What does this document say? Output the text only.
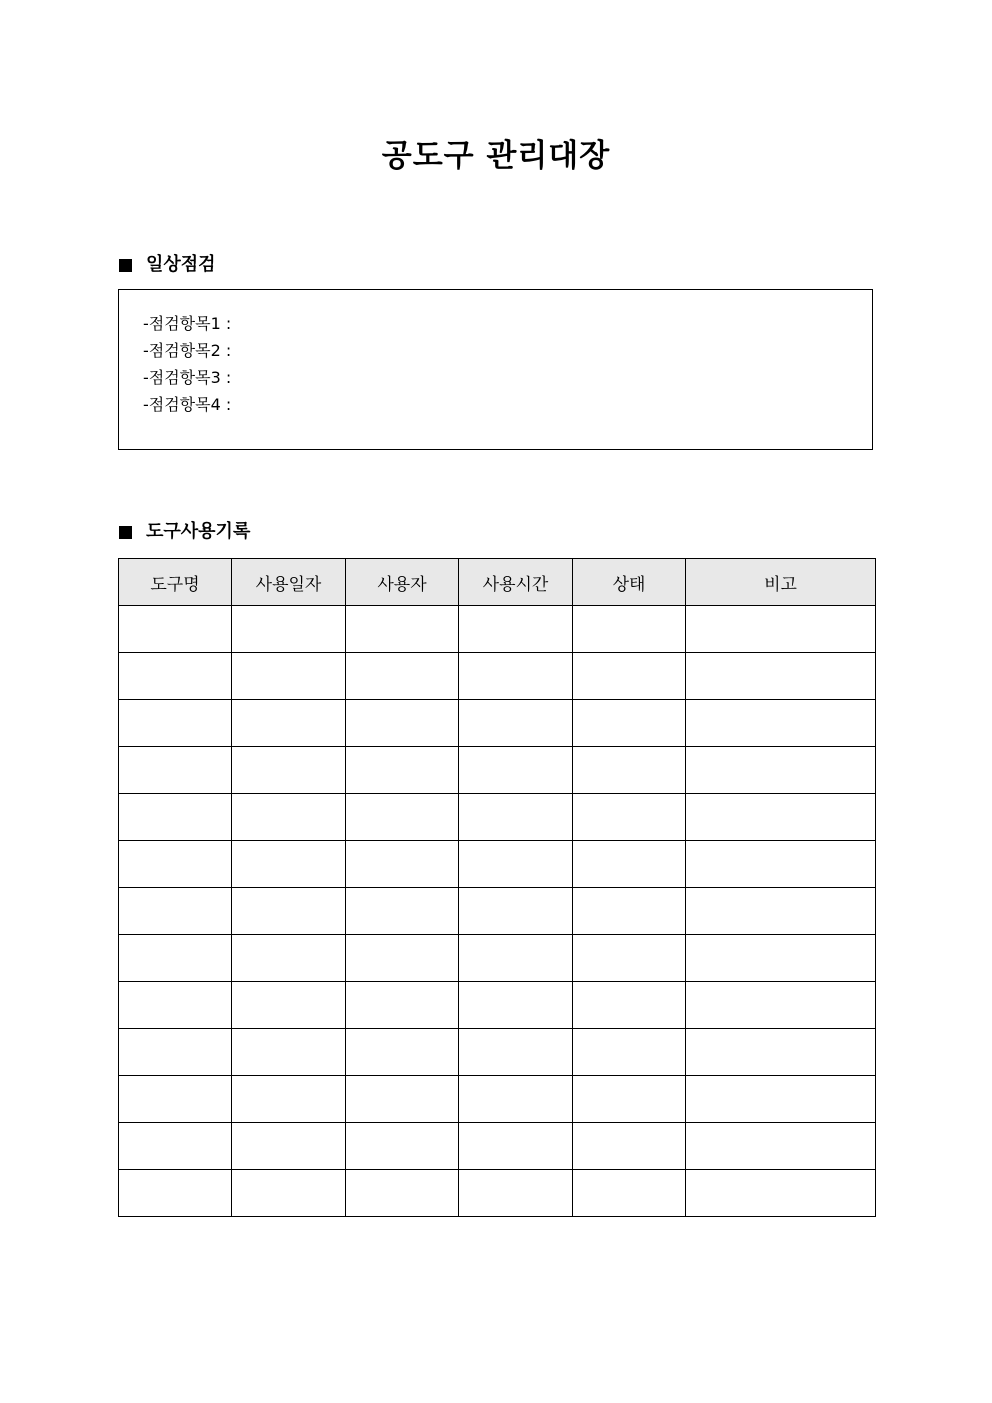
공도구 관리대장
일상점검
-점검항목1 :
-점검항목2 :
-점검항목3 :
-점검항목4 :
도구사용기록
도구명	사용일자	사용자	사용시간	상태	비고
